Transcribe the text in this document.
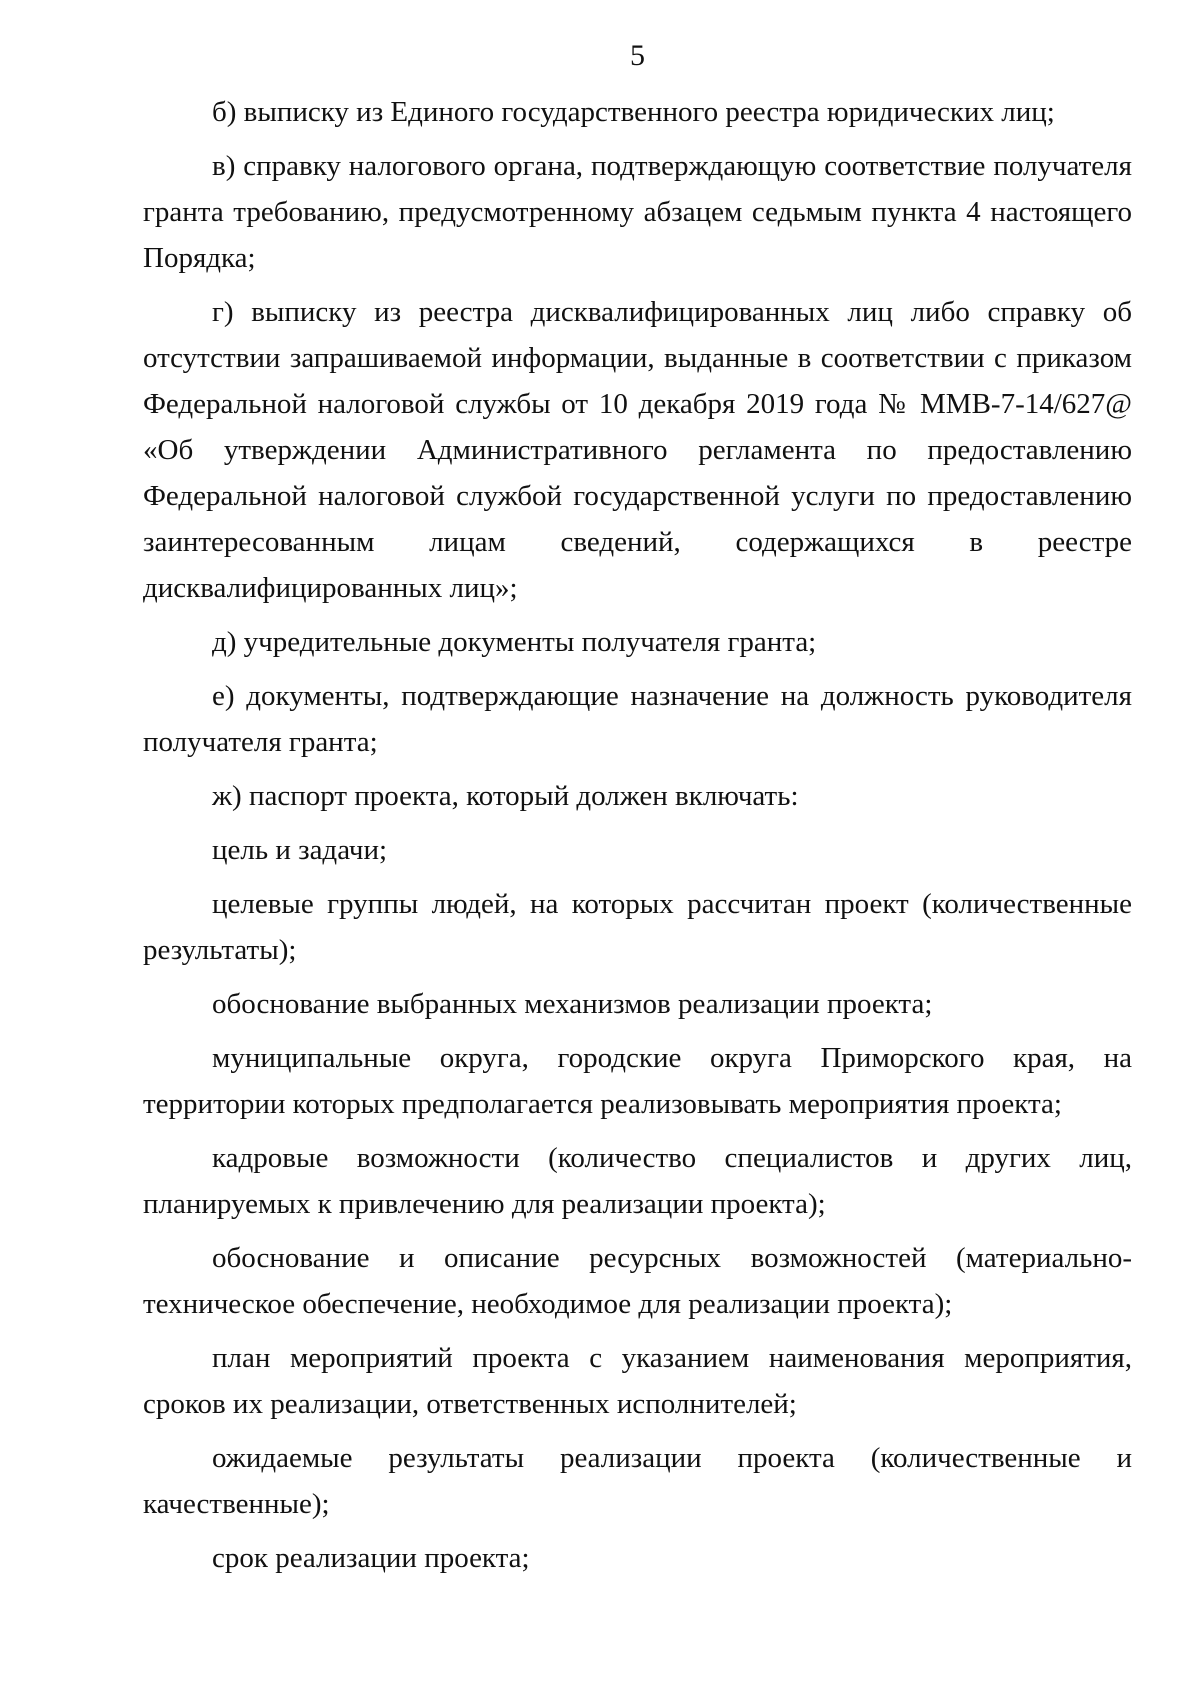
5

б) выписку из Единого государственного реестра юридических лиц;

в) справку налогового органа, подтверждающую соответствие получателя гранта требованию, предусмотренному абзацем седьмым пункта 4 настоящего Порядка;

г) выписку из реестра дисквалифицированных лиц либо справку об отсутствии запрашиваемой информации, выданные в соответствии с приказом Федеральной налоговой службы от 10 декабря 2019 года № ММВ-7-14/627@ «Об утверждении Административного регламента по предоставлению Федеральной налоговой службой государственной услуги по предоставлению заинтересованным лицам сведений, содержащихся в реестре дисквалифицированных лиц»;

д) учредительные документы получателя гранта;

е) документы, подтверждающие назначение на должность руководителя получателя гранта;

ж) паспорт проекта, который должен включать:

цель и задачи;

целевые группы людей, на которых рассчитан проект (количественные результаты);

обоснование выбранных механизмов реализации проекта;

муниципальные округа, городские округа Приморского края, на территории которых предполагается реализовывать мероприятия проекта;

кадровые возможности (количество специалистов и других лиц, планируемых к привлечению для реализации проекта);

обоснование и описание ресурсных возможностей (материально-техническое обеспечение, необходимое для реализации проекта);

план мероприятий проекта с указанием наименования мероприятия, сроков их реализации, ответственных исполнителей;

ожидаемые результаты реализации проекта (количественные и качественные);

срок реализации проекта;
